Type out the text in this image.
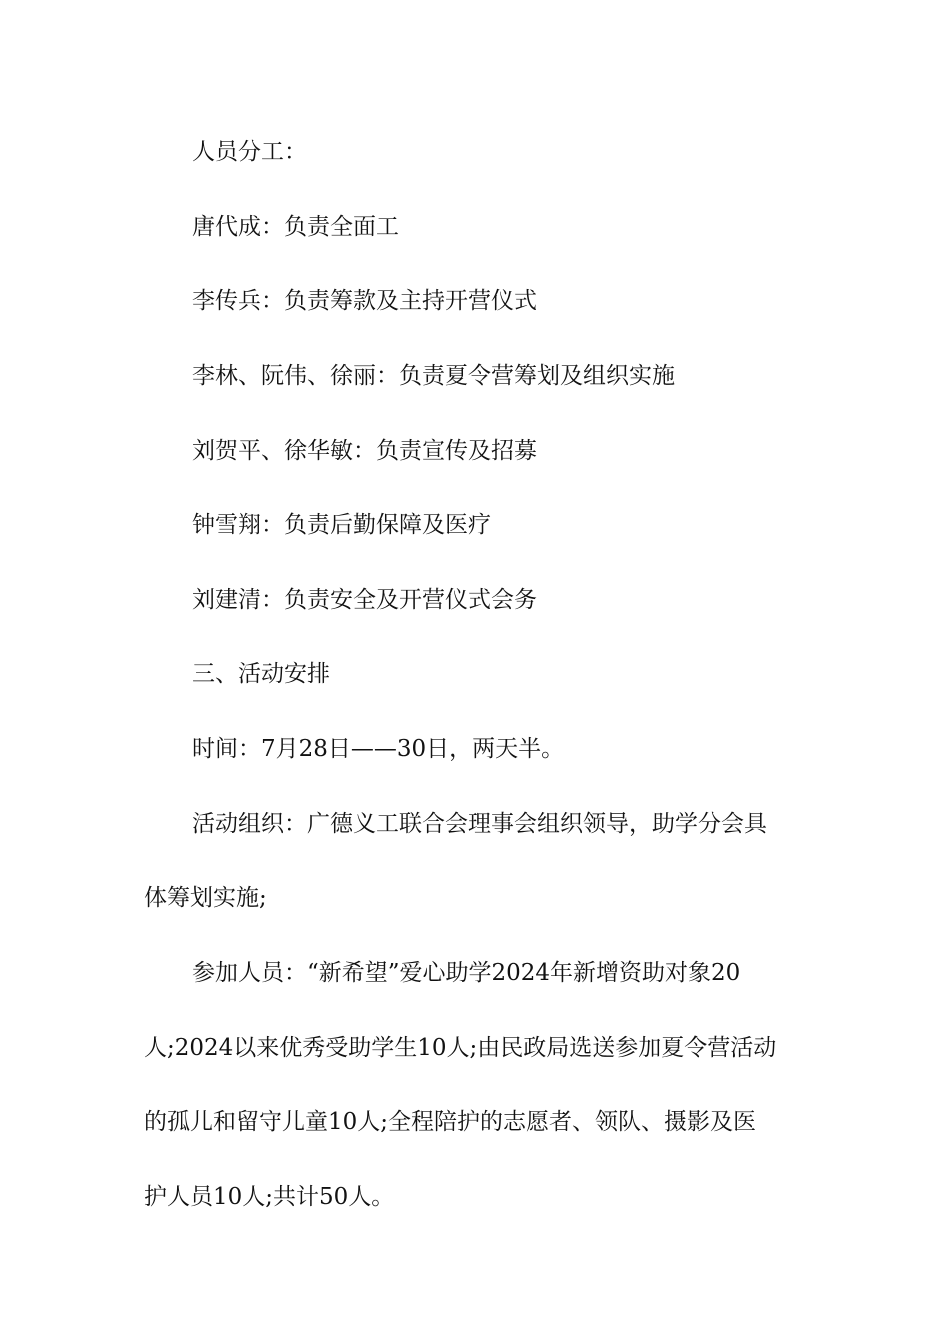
人员分工：
唐代成：负责全面工
李传兵：负责筹款及主持开营仪式
李林、阮伟、徐丽：负责夏令营筹划及组织实施
刘贺平、徐华敏：负责宣传及招募
钟雪翔：负责后勤保障及医疗
刘建清：负责安全及开营仪式会务
三、活动安排
时间：7月28日——30日，两天半。
活动组织：广德义工联合会理事会组织领导，助学分会具
体筹划实施;
参加人员：“新希望”爱心助学2024年新增资助对象20
人;2024以来优秀受助学生10人;由民政局选送参加夏令营活动
的孤儿和留守儿童10人;全程陪护的志愿者、领队、摄影及医
护人员10人;共计50人。
